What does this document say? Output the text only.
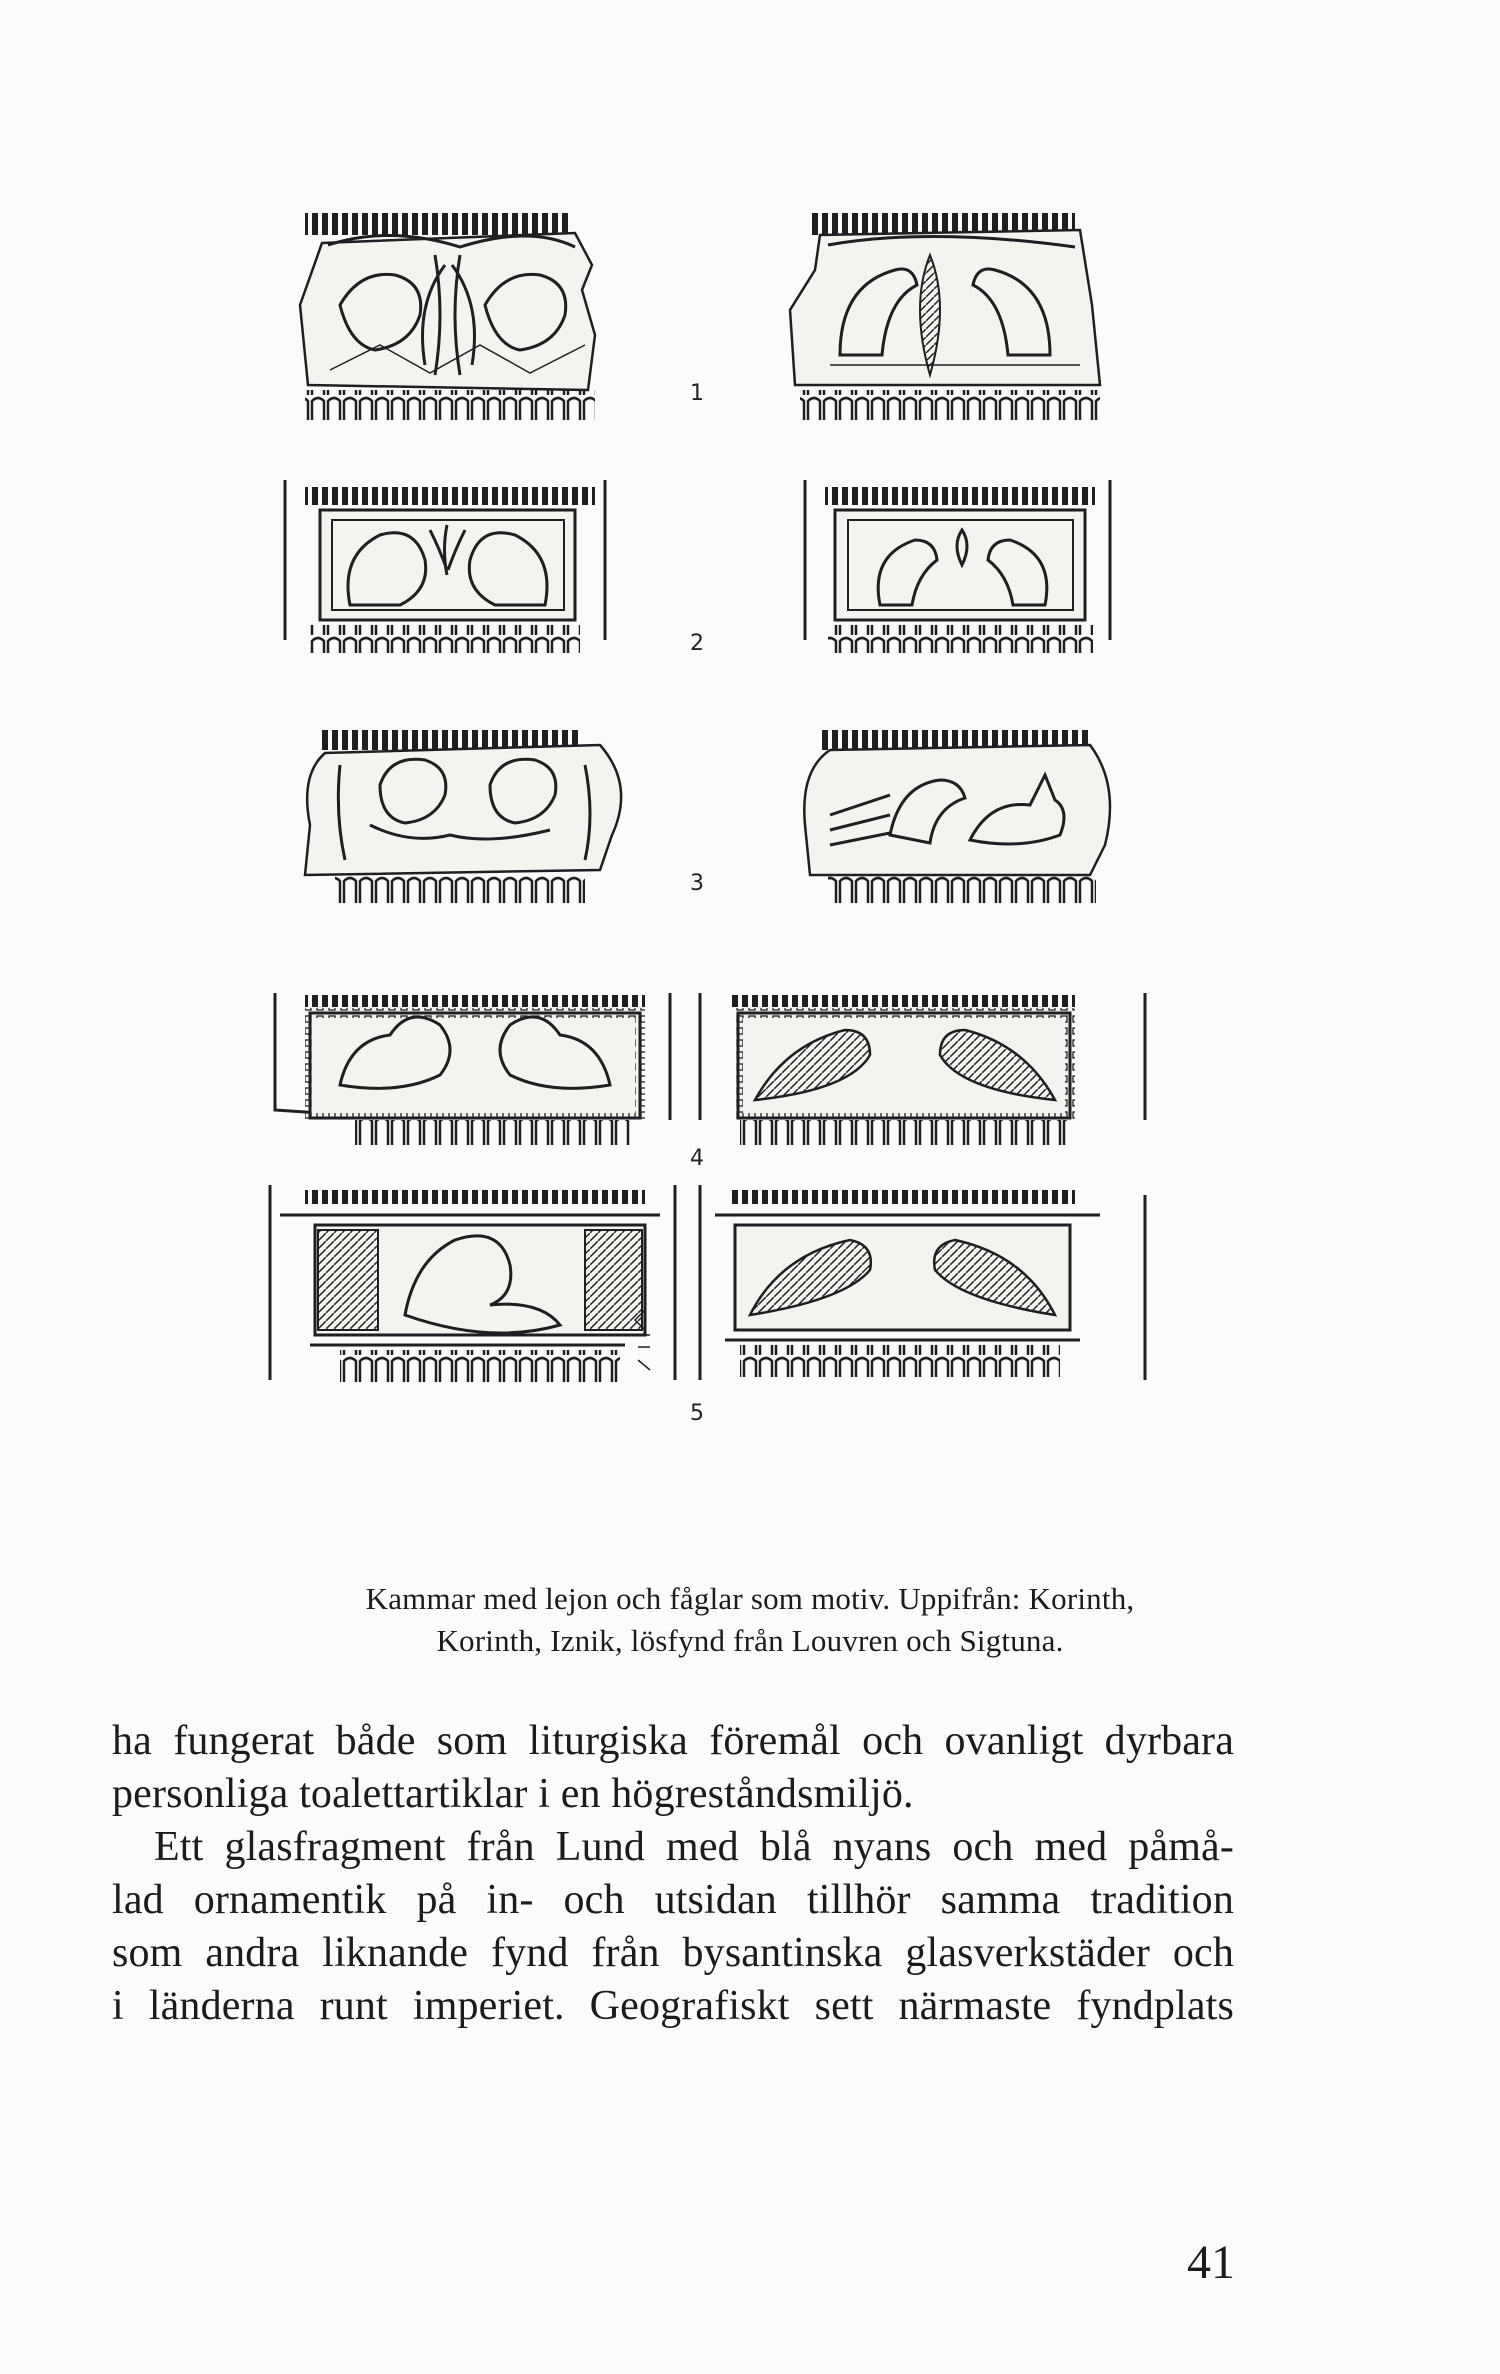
1
2
3
4
5
Kammar med lejon och fåglar som motiv. Uppifrån: Korinth,
Korinth, Iznik, lösfynd från Louvren och Sigtuna.
ha fungerat både som liturgiska föremål och ovanligt dyrbara
personliga toalettartiklar i en högreståndsmiljö.
Ett glasfragment från Lund med blå nyans och med påmå-
lad ornamentik på in- och utsidan tillhör samma tradition
som andra liknande fynd från bysantinska glasverkstäder och
i länderna runt imperiet. Geografiskt sett närmaste fyndplats
41
